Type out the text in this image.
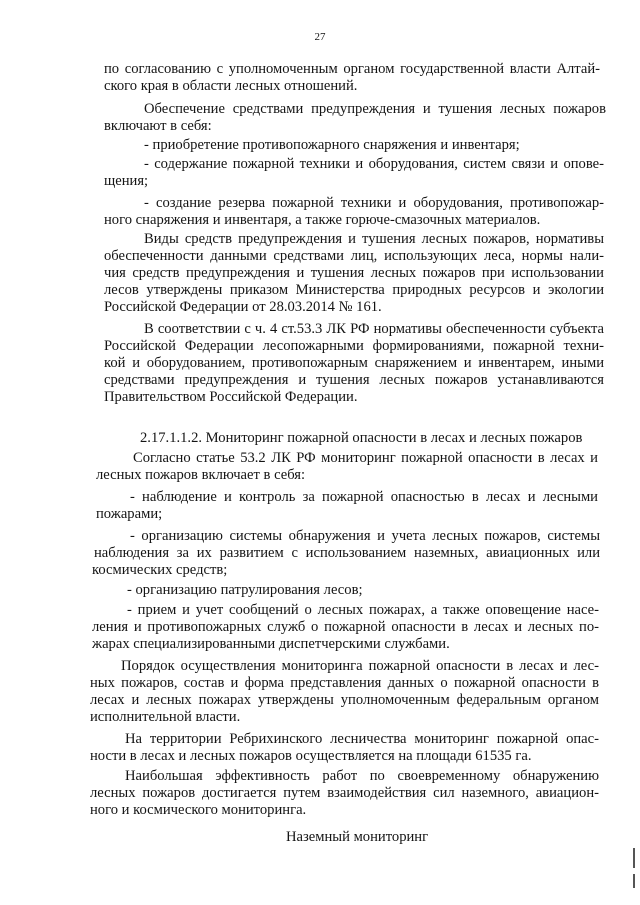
27
по согласованию с уполномоченным органом государственной власти Алтай-
ского края в области лесных отношений.
Обеспечение средствами предупреждения и тушения лесных пожаров
включают в себя:
- приобретение противопожарного снаряжения и инвентаря;
- содержание пожарной техники и оборудования, систем связи и опове-
щения;
- создание резерва пожарной техники и оборудования, противопожар-
ного снаряжения и инвентаря, а также горюче-смазочных материалов.
Виды средств предупреждения и тушения лесных пожаров, нормативы
обеспеченности данными средствами лиц, использующих леса, нормы нали-
чия средств предупреждения и тушения лесных пожаров при использовании
лесов утверждены приказом Министерства природных ресурсов и экологии
Российской Федерации от 28.03.2014 № 161.
В соответствии с ч. 4 ст.53.3 ЛК РФ нормативы обеспеченности субъекта
Российской Федерации лесопожарными формированиями, пожарной техни-
кой и оборудованием, противопожарным снаряжением и инвентарем, иными
средствами предупреждения и тушения лесных пожаров устанавливаются
Правительством Российской Федерации.
2.17.1.1.2. Мониторинг пожарной опасности в лесах и лесных пожаров
Согласно статье 53.2 ЛК РФ мониторинг пожарной опасности в лесах и
лесных пожаров включает в себя:
- наблюдение и контроль за пожарной опасностью в лесах и лесными
пожарами;
- организацию системы обнаружения и учета лесных пожаров, системы
наблюдения за их развитием с использованием наземных, авиационных или
космических средств;
- организацию патрулирования лесов;
- прием и учет сообщений о лесных пожарах, а также оповещение насе-
ления и противопожарных служб о пожарной опасности в лесах и лесных по-
жарах специализированными диспетчерскими службами.
Порядок осуществления мониторинга пожарной опасности в лесах и лес-
ных пожаров, состав и форма представления данных о пожарной опасности в
лесах и лесных пожарах утверждены уполномоченным федеральным органом
исполнительной власти.
На территории Ребрихинского лесничества мониторинг пожарной опас-
ности в лесах и лесных пожаров осуществляется на площади 61535 га.
Наибольшая эффективность работ по своевременному обнаружению
лесных пожаров достигается путем взаимодействия сил наземного, авиацион-
ного и космического мониторинга.
Наземный мониторинг
